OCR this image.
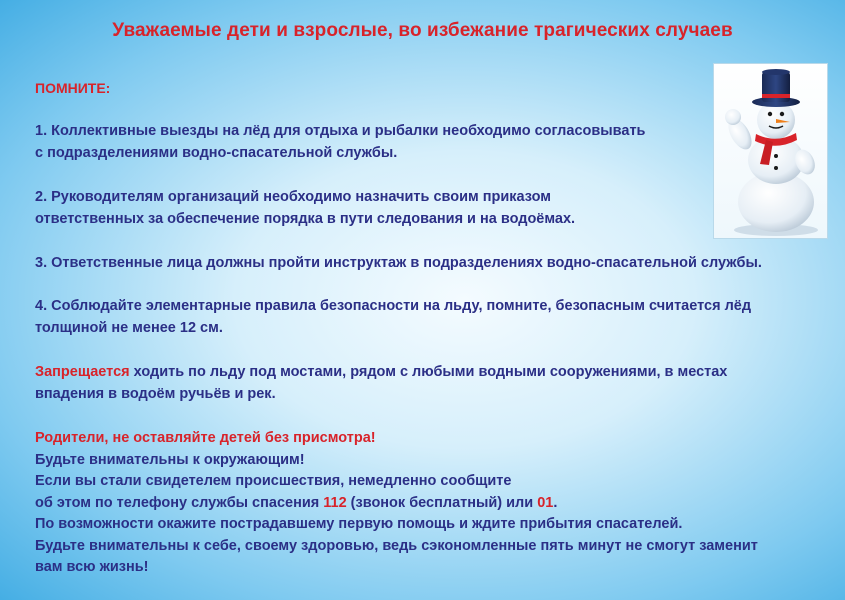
Уважаемые дети и взрослые, во избежание трагических случаев
ПОМНИТЕ:
1. Коллективные выезды на лёд для отдыха и рыбалки необходимо согласовывать
с подразделениями водно-спасательной службы.
2. Руководителям организаций необходимо назначить своим приказом
ответственных за обеспечение порядка в пути следования и на водоёмах.
3. Ответственные лица должны пройти инструктаж в подразделениях водно-спасательной службы.
4. Соблюдайте элементарные правила безопасности на льду, помните, безопасным считается лёд
толщиной не менее 12 см.
Запрещается ходить по льду под мостами, рядом с любыми водными сооружениями, в местах
впадения в водоём ручьёв и рек.
Родители, не оставляйте детей без присмотра!
Будьте внимательны к окружающим!
Если вы стали свидетелем происшествия, немедленно сообщите
об этом по телефону службы спасения 112 (звонок бесплатный) или 01.
По возможности окажите пострадавшему первую помощь и ждите прибытия спасателей.
Будьте внимательны к себе, своему здоровью, ведь сэкономленные пять минут не смогут заменит
вам всю жизнь!
